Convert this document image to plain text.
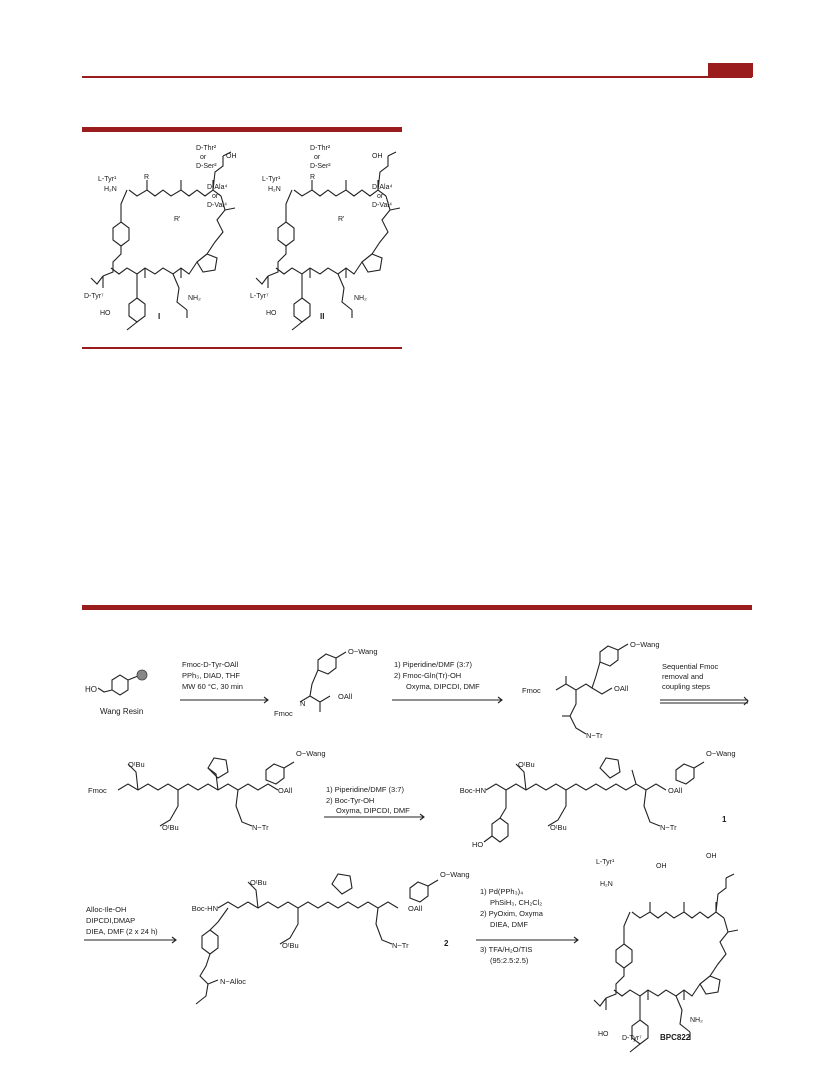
D-Thr²
or
D-Ser²
L-Tyr¹
H₂N
R
OH
D-Ala⁴
or
D-Val⁴
R'
D-Tyr⁷	NH₂
HO	I
D-Thr²
or
D-Ser²
L-Tyr¹
H₂N
R
OH
D-Ala⁴
or
D-Val⁴
R'
L-Tyr⁷	NH₂
HO	II
HO
Wang Resin
Fmoc-D-Tyr-OAll
PPh₃, DIAD, THF
MW 60 °C, 30 min
O−Wang
Fmoc
N
OAll
1) Piperidine/DMF (3:7)
2) Fmoc-Gln(Tr)-OH
Oxyma, DIPCDI, DMF
O−Wang
Fmoc	OAll
N−Tr
Sequential Fmoc
removal and
coupling steps
OᵗBu
Fmoc
O−Wang
OAll
OᵗBu	N−Tr
1) Piperidine/DMF (3:7)
2) Boc-Tyr-OH
Oxyma, DIPCDI, DMF
Boc-HN
OᵗBu
O−Wang
OAll
HO
OᵗBu	N−Tr
1
Alloc-Ile-OH
DIPCDI,DMAP
DIEA, DMF (2 x 24 h)
Boc-HN
OᵗBu
O−Wang
OAll
OᵗBu	N−Tr
N−Alloc
2
1) Pd(PPh₃)₄
PhSiH₃, CH₂Cl₂
2) PyOxim, Oxyma
DIEA, DMF
3) TFA/H₂O/TIS
(95:2.5:2.5)
L-Tyr¹
H₂N
OH
OH
NH₂
HO
D-Tyr⁷ BPC822
